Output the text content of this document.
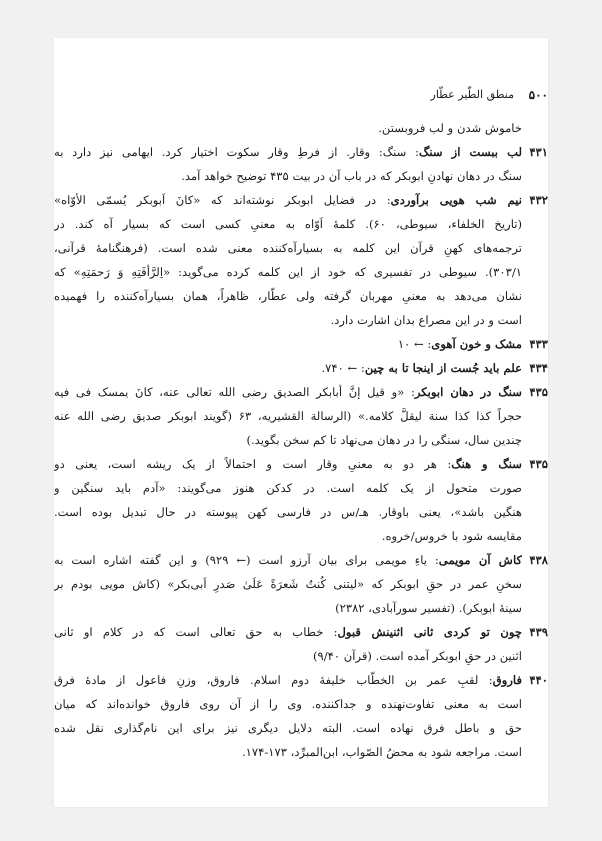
۵۰۰
منطق الطّیر عطّار
خاموش شدن و لب فروبستن.
۴۳۱
لب ببست از سنگ: سنگ: وقار. از فرطِ وقار سکوت اختیار کرد. ایهامی نیز دارد به
سنگ در دهان نهادنِ ابوبکر که در باب آن در بیت ۴۳۵ توضیح خواهد آمد.
۴۳۲
نیم شب هویی برآوردی: در فضایل ابوبکر نوشته‌اند که «کانَ اَبوبکر یُسمّی الأوّاه»
(تاریخ الخلفاء، سیوطی، ۶۰). کلمهٔ اَوّاه به معنیِ کسی است که بسیار آه کند. در
ترجمه‌های کهنِ قرآن این کلمه به بسیارآه‌کننده معنی شده است. (فرهنگنامهٔ قرآنی،
۳۰۳/۱). سیوطی در تفسیری که خود از این کلمه کرده می‌گوید: «اِلرَّأفَتِهِ وَ رَحمَتِهِ» که
نشان می‌دهد به معنیِ مهربان گرفته ولی عطّار، ظاهراً، همان بسیارآه‌کننده را فهمیده
است و در این مصراع بدان اشارت دارد.
۴۳۳
مشک و خون آهوی: ← ۱۰
۴۳۴
علم باید جُست از اینجا تا به چین: ← ۷۴۰.
۴۳۵
سنگ در دهان ابوبکر: «و قیل إنَّ أبابکر الصدیق رضی الله تعالی عنه، کانَ یمسک فی فیه
حجراً کذا کذا سنة لیقلَّ کلامه.» (الرسالة القشیریه، ۶۳ (گویند ابوبکر صدیق رضی الله عنه
چندین سال، سنگی را در دهان می‌نهاد تا کم سخن بگوید.)
۴۳۵
سنگ و هنگ: هر دو به معنیِ وقار است و احتمالاً از یک ریشه است، یعنی دو
صورت متحول از یک کلمه است. در کدکن هنوز می‌گویند: «آدم باید سنگین و
هنگین باشد»، یعنی باوقار. هـ/س در فارسی کهن پیوسته در حال تبدیل بوده است.
مقایسه شود با خروس/خروه.
۴۳۸
کاش آن مویمی: یاءِ مویمی برای بیان آرزو است (← ۹۲۹) و این گفته اشاره است به
سخنِ عمر در حقِ ابوبکر که «لیتنی کُنتُ شَعرَةً عَلَیٰ صَدرِ اَبی‌بکر» (کاش مویی بودم بر
سینهٔ ابوبکر). (تفسیر سورآبادی، ۲۳۸۲)
۴۳۹
چون تو کردی ثانی اثنینش قبول: خطاب به حق تعالی است که در کلام او ثانی
اثنین در حقِ ابوبکر آمده است. (قرآن ۹/۴۰)
۴۴۰
فاروق: لقبِ عمر بن الخطّاب خلیفهٔ دوم اسلام. فاروق، وزنِ فاعول از مادهٔ فرق
است به معنی تفاوت‌نهنده و جداکننده. وی را از آن روی فاروق خوانده‌اند که میان
حق و باطل فرق نهاده است. البته دلایل دیگری نیز برای این نام‌گذاری نقل شده
است. مراجعه شود به محضُ الصّواب، ابن‌المبرِّد، ۱۷۳-۱۷۴.
